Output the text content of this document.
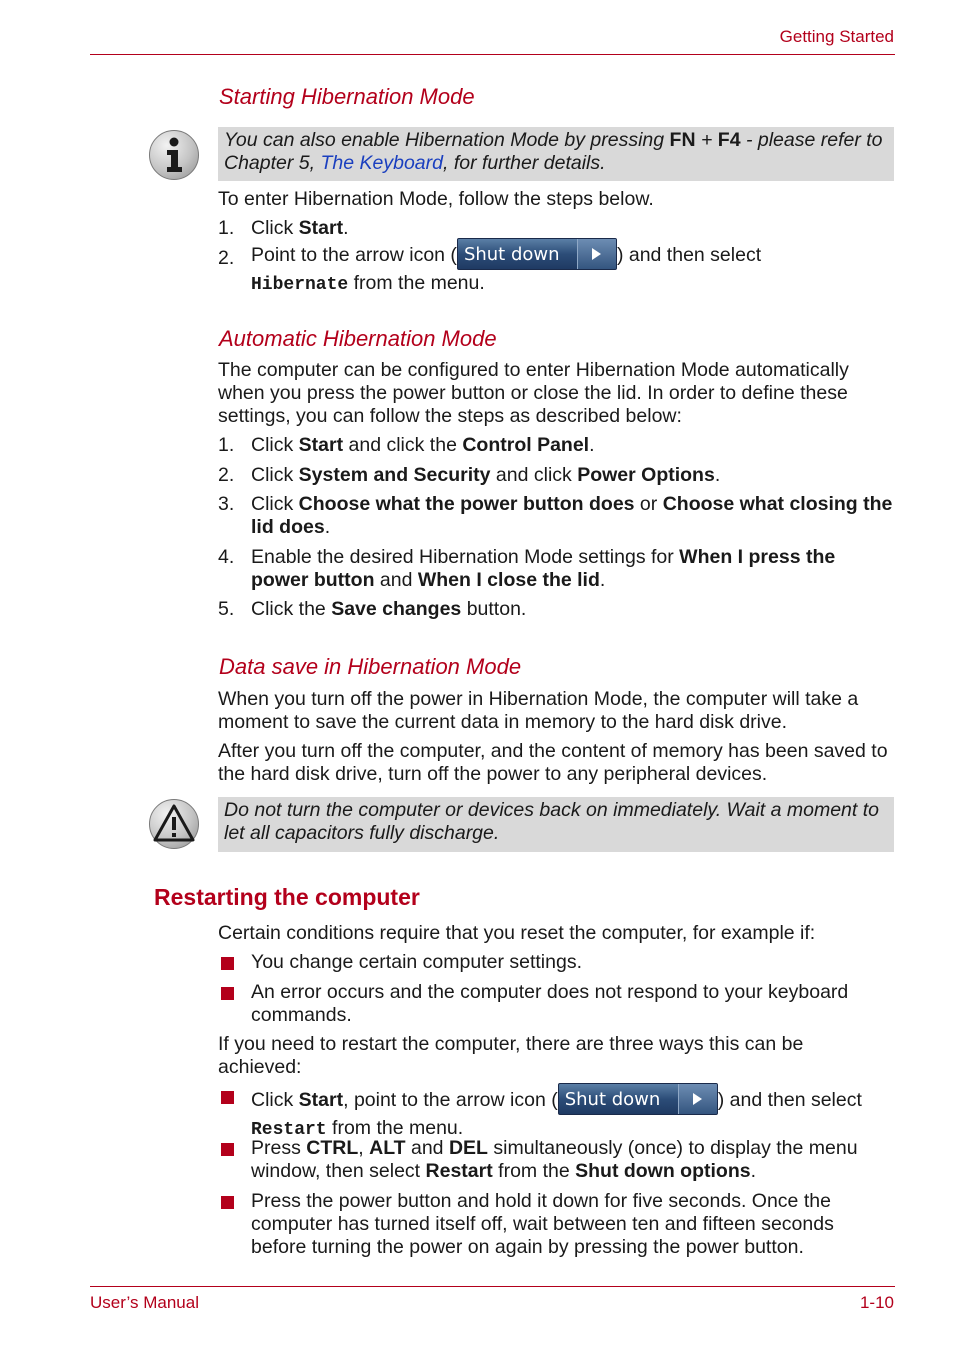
Getting Started
Starting Hibernation Mode
You can also enable Hibernation Mode by pressing FN + F4 - please refer to Chapter 5, The Keyboard, for further details.
To enter Hibernation Mode, follow the steps below.
1. Click Start.
2. Point to the arrow icon ( Shut down	) and then select
Hibernate from the menu.
Automatic Hibernation Mode
The computer can be configured to enter Hibernation Mode automatically when you press the power button or close the lid. In order to define these settings, you can follow the steps as described below:
1. Click Start and click the Control Panel.
2. Click System and Security and click Power Options.
3. Click Choose what the power button does or Choose what closing the lid does.
4. Enable the desired Hibernation Mode settings for When I press the power button and When I close the lid.
5. Click the Save changes button.
Data save in Hibernation Mode
When you turn off the power in Hibernation Mode, the computer will take a moment to save the current data in memory to the hard disk drive.
After you turn off the computer, and the content of memory has been saved to the hard disk drive, turn off the power to any peripheral devices.
Do not turn the computer or devices back on immediately. Wait a moment to let all capacitors fully discharge.
Restarting the computer
Certain conditions require that you reset the computer, for example if:
You change certain computer settings.
An error occurs and the computer does not respond to your keyboard commands.
If you need to restart the computer, there are three ways this can be achieved:
Click Start, point to the arrow icon ( Shut down	) and then select
Restart from the menu.
Press CTRL, ALT and DEL simultaneously (once) to display the menu window, then select Restart from the Shut down options.
Press the power button and hold it down for five seconds. Once the computer has turned itself off, wait between ten and fifteen seconds before turning the power on again by pressing the power button.
User’s Manual	1-10
